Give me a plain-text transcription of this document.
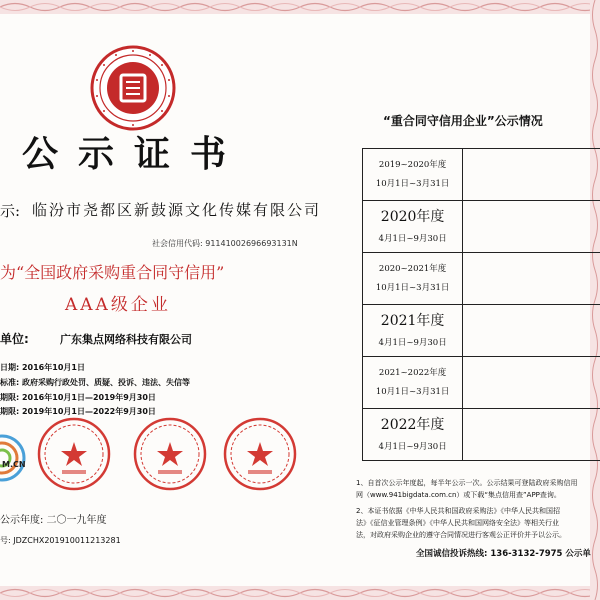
公示证书
示: 临汾市尧都区新鼓源文化传媒有限公司
社会信用代码: 91141002696693131N
为“全国政府采购重合同守信用”
AAA级企业
单位:	广东集点网络科技有限公司
日期: 2016年10月1日
标准: 政府采购行政处罚、质疑、投诉、违法、失信等
期限: 2016年10月1日—2019年9月30日
期限: 2019年10月1日—2022年9月30日
M.CN
公示年度: 二〇一九年度
号: JDZCHX20191001121328​1
“重合同守信用企业”公示情况
2019~2020年度
10月1日~3月31日	

2020年度
4月1日~9月30日	

2020~2021年度
10月1日~3月31日	

2021年度
4月1日~9月30日	

2021~2022年度
10月1日~3月31日	

2022年度
4月1日~9月30日	

1、自首次公示年度起，每半年公示一次。公示结果可登陆政府采购信用
网（www.941bigdata.com.cn）或下载“集点信用查”APP查询。
2、本证书依据《中华人民共和国政府采购法》《中华人民共和国招
法》《征信业管理条例》《中华人民共和国网络安全法》等相关行业
法，对政府采购企业的遵守合同情况进行客观公正评价并予以公示。
全国诚信投诉热线: 136-3132-7975 公示单
